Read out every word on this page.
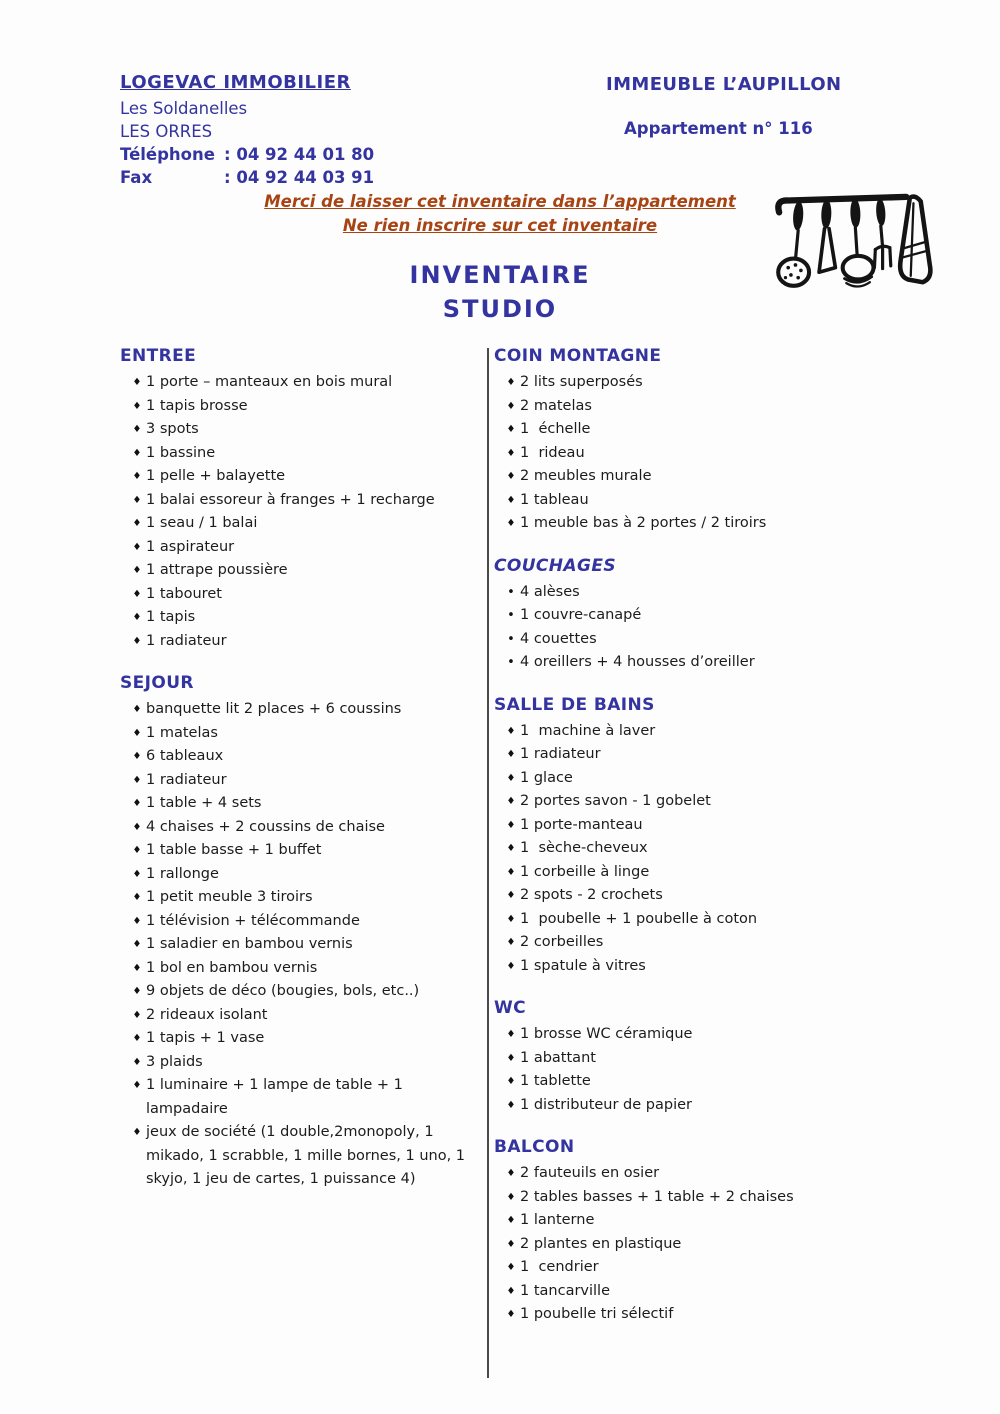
LOGEVAC IMMOBILIER
Les Soldanelles
LES ORRES
Téléphone : 04 92 44 01 80
Fax	: 04 92 44 03 91
IMMEUBLE L’AUPILLON
Appartement n° 116
Merci de laisser cet inventaire dans l’appartement
Ne rien inscrire sur cet inventaire
INVENTAIRE
STUDIO
ENTREE
♦ 1 porte – manteaux en bois mural
♦ 1 tapis brosse
♦ 3 spots
♦ 1 bassine
♦ 1 pelle + balayette
♦ 1 balai essoreur à franges + 1 recharge
♦ 1 seau / 1 balai
♦ 1 aspirateur
♦ 1 attrape poussière
♦ 1 tabouret
♦ 1 tapis
♦ 1 radiateur
SEJOUR
♦ banquette lit 2 places + 6 coussins
♦ 1 matelas
♦ 6 tableaux
♦ 1 radiateur
♦ 1 table + 4 sets
♦ 4 chaises + 2 coussins de chaise
♦ 1 table basse + 1 buffet
♦ 1 rallonge
♦ 1 petit meuble 3 tiroirs
♦ 1 télévision + télécommande
♦ 1 saladier en bambou vernis
♦ 1 bol en bambou vernis
♦ 9 objets de déco (bougies, bols, etc..)
♦ 2 rideaux isolant
♦ 1 tapis + 1 vase
♦ 3 plaids
♦ 1 luminaire + 1 lampe de table + 1 lampadaire
♦ jeux de société (1 double,2monopoly, 1 mikado, 1 scrabble, 1 mille bornes, 1 uno, 1 skyjo, 1 jeu de cartes, 1 puissance 4)
COIN MONTAGNE
♦ 2 lits superposés
♦ 2 matelas
♦ 1  échelle
♦ 1  rideau
♦ 2 meubles murale
♦ 1 tableau
♦ 1 meuble bas à 2 portes / 2 tiroirs
COUCHAGES
• 4 alèses
• 1 couvre-canapé
• 4 couettes
• 4 oreillers + 4 housses d’oreiller
SALLE DE BAINS
♦ 1  machine à laver
♦ 1 radiateur
♦ 1 glace
♦ 2 portes savon - 1 gobelet
♦ 1 porte-manteau
♦ 1  sèche-cheveux
♦ 1 corbeille à linge
♦ 2 spots - 2 crochets
♦ 1  poubelle + 1 poubelle à coton
♦ 2 corbeilles
♦ 1 spatule à vitres
WC
♦ 1 brosse WC céramique
♦ 1 abattant
♦ 1 tablette
♦ 1 distributeur de papier
BALCON
♦ 2 fauteuils en osier
♦ 2 tables basses + 1 table + 2 chaises
♦ 1 lanterne
♦ 2 plantes en plastique
♦ 1  cendrier
♦ 1 tancarville
♦ 1 poubelle tri sélectif
